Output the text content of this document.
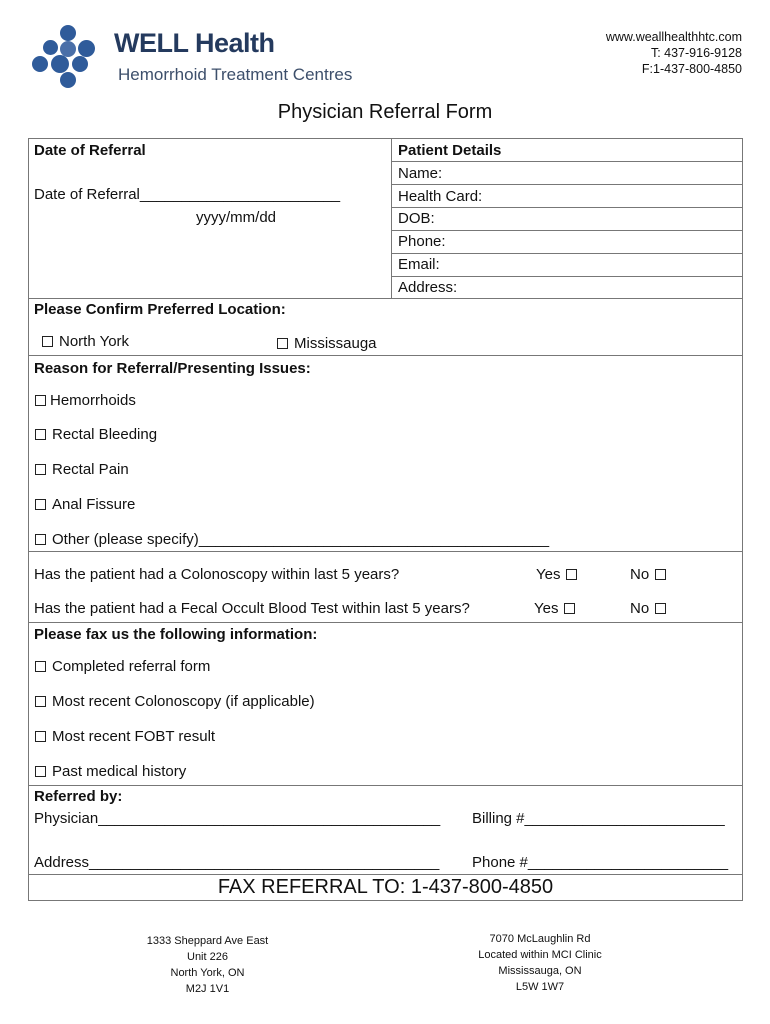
WELL Health
Hemorrhoid Treatment Centres
www.weallhealthhtc.com
T: 437-916-9128
F:1-437-800-4850
Physician Referral Form
Date of Referral
Date of Referral________________________
yyyy/mm/dd
Patient Details
Name:
Health Card:
DOB:
Phone:
Email:
Address:
Please Confirm Preferred Location:
North York	Mississauga
Reason for Referral/Presenting Issues:
Hemorrhoids
Rectal Bleeding
Rectal Pain
Anal Fissure
Other (please specify)__________________________________________
Has the patient had a Colonoscopy within last 5 years?	Yes	No
Has the patient had a Fecal Occult Blood Test within last 5 years?	Yes	No
Please fax us the following information:
Completed referral form
Most recent Colonoscopy (if applicable)
Most recent FOBT result
Past medical history
Referred by:
Physician_________________________________________ Billing #________________________
Address__________________________________________ Phone #________________________
FAX REFERRAL TO: 1-437-800-4850
1333 Sheppard Ave East
Unit 226
North York, ON
M2J 1V1
7070 McLaughlin Rd
Located within MCI Clinic
Mississauga, ON
L5W 1W7
